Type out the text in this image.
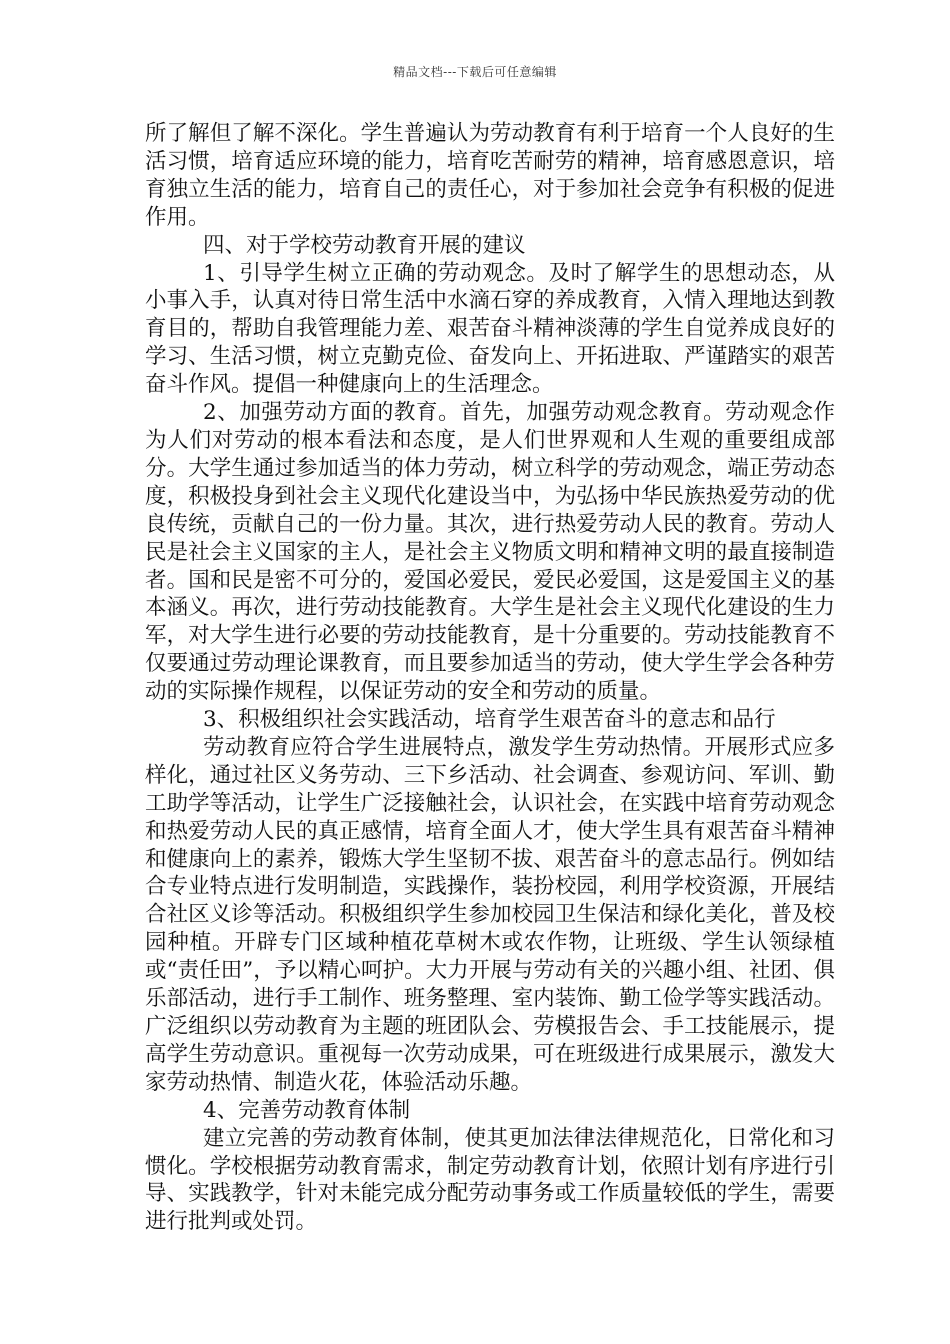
精品文档---下载后可任意编辑

所了解但了解不深化。学生普遍认为劳动教育有利于培育一个人良好的生活习惯，培育适应环境的能力，培育吃苦耐劳的精神，培育感恩意识，培育独立生活的能力，培育自己的责任心，对于参加社会竞争有积极的促进作用。

四、对于学校劳动教育开展的建议

1、引导学生树立正确的劳动观念。及时了解学生的思想动态，从小事入手，认真对待日常生活中水滴石穿的养成教育，入情入理地达到教育目的，帮助自我管理能力差、艰苦奋斗精神淡薄的学生自觉养成良好的学习、生活习惯，树立克勤克俭、奋发向上、开拓进取、严谨踏实的艰苦奋斗作风。提倡一种健康向上的生活理念。

2、加强劳动方面的教育。首先，加强劳动观念教育。劳动观念作为人们对劳动的根本看法和态度，是人们世界观和人生观的重要组成部分。大学生通过参加适当的体力劳动，树立科学的劳动观念，端正劳动态度，积极投身到社会主义现代化建设当中，为弘扬中华民族热爱劳动的优良传统，贡献自己的一份力量。其次，进行热爱劳动人民的教育。劳动人民是社会主义国家的主人，是社会主义物质文明和精神文明的最直接制造者。国和民是密不可分的，爱国必爱民，爱民必爱国，这是爱国主义的基本涵义。再次，进行劳动技能教育。大学生是社会主义现代化建设的生力军，对大学生进行必要的劳动技能教育，是十分重要的。劳动技能教育不仅要通过劳动理论课教育，而且要参加适当的劳动，使大学生学会各种劳动的实际操作规程，以保证劳动的安全和劳动的质量。

3、积极组织社会实践活动，培育学生艰苦奋斗的意志和品行

劳动教育应符合学生进展特点，激发学生劳动热情。开展形式应多样化，通过社区义务劳动、三下乡活动、社会调查、参观访问、军训、勤工助学等活动，让学生广泛接触社会，认识社会，在实践中培育劳动观念和热爱劳动人民的真正感情，培育全面人才，使大学生具有艰苦奋斗精神和健康向上的素养，锻炼大学生坚韧不拔、艰苦奋斗的意志品行。例如结合专业特点进行发明制造，实践操作，装扮校园，利用学校资源，开展结合社区义诊等活动。积极组织学生参加校园卫生保洁和绿化美化，普及校园种植。开辟专门区域种植花草树木或农作物，让班级、学生认领绿植或“责任田”，予以精心呵护。大力开展与劳动有关的兴趣小组、社团、俱乐部活动，进行手工制作、班务整理、室内装饰、勤工俭学等实践活动。广泛组织以劳动教育为主题的班团队会、劳模报告会、手工技能展示，提高学生劳动意识。重视每一次劳动成果，可在班级进行成果展示，激发大家劳动热情、制造火花，体验活动乐趣。

4、完善劳动教育体制

建立完善的劳动教育体制，使其更加法律法律规范化，日常化和习惯化。学校根据劳动教育需求，制定劳动教育计划，依照计划有序进行引导、实践教学，针对未能完成分配劳动事务或工作质量较低的学生，需要进行批判或处罚。
